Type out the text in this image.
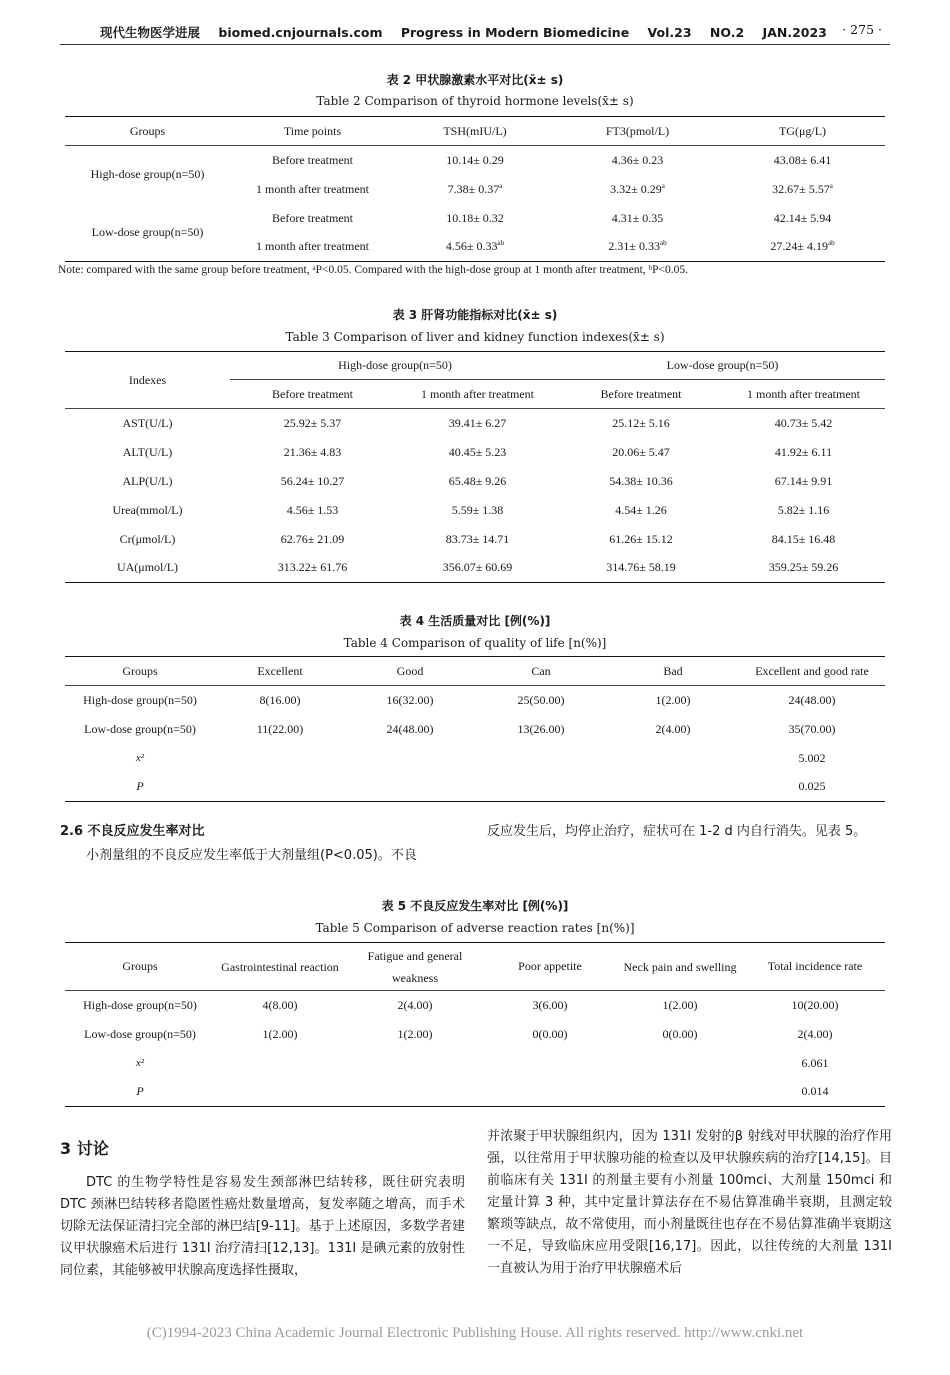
现代生物医学进展 biomed.cnjournals.com Progress in Modern Biomedicine Vol.23 NO.2 JAN.2023	· 275 ·
表 2 甲状腺激素水平对比(x̄± s)
Table 2 Comparison of thyroid hormone levels(x̄± s)
Groups	Time points	TSH(mIU/L)	FT3(pmol/L)	TG(μg/L)
High-dose group(n=50)	Before treatment	10.14± 0.29	4.36± 0.23	43.08± 6.41
	1 month after treatment	7.38± 0.37$^a$	3.32± 0.29$^a$	32.67± 5.57$^a$
Low-dose group(n=50)	Before treatment	10.18± 0.32	4.31± 0.35	42.14± 5.94
	1 month after treatment	4.56± 0.33$^{ab}$	2.31± 0.33$^{ab}$	27.24± 4.19$^{ab}$
Note: compared with the same group before treatment, ᵃP<0.05. Compared with the high-dose group at 1 month after treatment, ᵇP<0.05.
表 3 肝肾功能指标对比(x̄± s)
Table 3 Comparison of liver and kidney function indexes(x̄± s)
Indexes	High-dose group(n=50)		Low-dose group(n=50)	
	Before treatment	1 month after treatment	Before treatment	1 month after treatment
AST(U/L)	25.92± 5.37	39.41± 6.27	25.12± 5.16	40.73± 5.42
ALT(U/L)	21.36± 4.83	40.45± 5.23	20.06± 5.47	41.92± 6.11
ALP(U/L)	56.24± 10.27	65.48± 9.26	54.38± 10.36	67.14± 9.91
Urea(mmol/L)	4.56± 1.53	5.59± 1.38	4.54± 1.26	5.82± 1.16
Cr(μmol/L)	62.76± 21.09	83.73± 14.71	61.26± 15.12	84.15± 16.48
UA(μmol/L)	313.22± 61.76	356.07± 60.69	314.76± 58.19	359.25± 59.26
表 4 生活质量对比 [例(%)]
Table 4 Comparison of quality of life [n(%)]
Groups	Excellent	Good	Can	Bad	Excellent and good rate
High-dose group(n=50)	8(16.00)	16(32.00)	25(50.00)	1(2.00)	24(48.00)
Low-dose group(n=50)	11(22.00)	24(48.00)	13(26.00)	2(4.00)	35(70.00)
x²					5.002
P					0.025
2.6 不良反应发生率对比
小剂量组的不良反应发生率低于大剂量组(P<0.05)。不良
反应发生后，均停止治疗，症状可在 1-2 d 内自行消失。见表 5。
表 5 不良反应发生率对比 [例(%)]
Table 5 Comparison of adverse reaction rates [n(%)]
Groups	Gastrointestinal reaction	Fatigue and general weakness	Poor appetite	Neck pain and swelling	Total incidence rate
High-dose group(n=50)	4(8.00)	2(4.00)	3(6.00)	1(2.00)	10(20.00)
Low-dose group(n=50)	1(2.00)	1(2.00)	0(0.00)	0(0.00)	2(4.00)
x²					6.061
P					0.014
3 讨论
DTC 的生物学特性是容易发生颈部淋巴结转移，既往研究表明 DTC 颈淋巴结转移者隐匿性癌灶数量增高，复发率随之增高，而手术切除无法保证清扫完全部的淋巴结[9-11]。基于上述原因，多数学者建议甲状腺癌术后进行 131I 治疗清扫[12,13]。131I 是碘元素的放射性同位素，其能够被甲状腺高度选择性摄取，
并浓聚于甲状腺组织内，因为 131I 发射的β 射线对甲状腺的治疗作用强，以往常用于甲状腺功能的检查以及甲状腺疾病的治疗[14,15]。目前临床有关 131I 的剂量主要有小剂量 100mci、大剂量 150mci 和定量计算 3 种，其中定量计算法存在不易估算准确半衰期，且测定较繁琐等缺点，故不常使用，而小剂量既往也存在不易估算准确半衰期这一不足，导致临床应用受限[16,17]。因此，以往传统的大剂量 131I 一直被认为用于治疗甲状腺癌术后
(C)1994-2023 China Academic Journal Electronic Publishing House. All rights reserved. http://www.cnki.net
